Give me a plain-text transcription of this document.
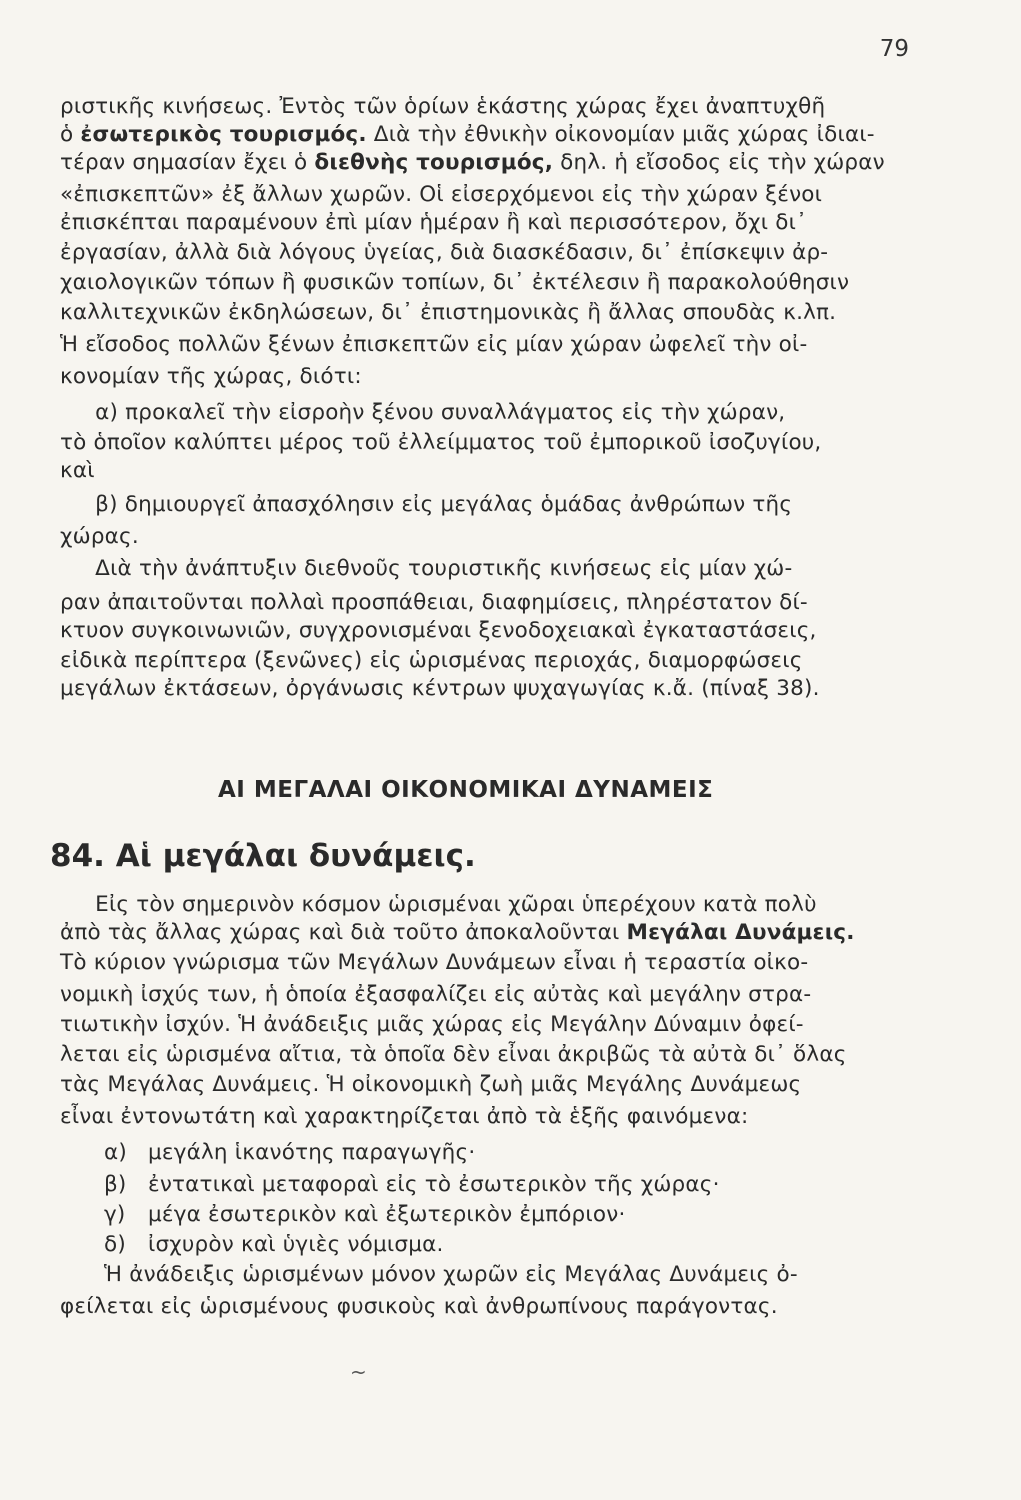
79
ριστικῆς κινήσεως. Ἐντὸς τῶν ὁρίων ἑκάστης χώρας ἔχει ἀναπτυχθῆ
ὁ ἐσωτερικὸς τουρισμός. Διὰ τὴν ἐθνικὴν οἰκονομίαν μιᾶς χώρας ἰδιαι-
τέραν σημασίαν ἔχει ὁ διεθνὴς τουρισμός, δηλ. ἡ εἴσοδος εἰς τὴν χώραν
«ἐπισκεπτῶν» ἐξ ἄλλων χωρῶν. Οἱ εἰσερχόμενοι εἰς τὴν χώραν ξένοι
ἐπισκέπται παραμένουν ἐπὶ μίαν ἡμέραν ἢ καὶ περισσότερον, ὄχι δι᾽
ἐργασίαν, ἀλλὰ διὰ λόγους ὑγείας, διὰ διασκέδασιν, δι᾽ ἐπίσκεψιν ἀρ-
χαιολογικῶν τόπων ἢ φυσικῶν τοπίων, δι᾽ ἐκτέλεσιν ἢ παρακολούθησιν
καλλιτεχνικῶν ἐκδηλώσεων, δι᾽ ἐπιστημονικὰς ἢ ἄλλας σπουδὰς κ.λπ.
Ἡ εἴσοδος πολλῶν ξένων ἐπισκεπτῶν εἰς μίαν χώραν ὠφελεῖ τὴν οἰ-
κονομίαν τῆς χώρας, διότι:
α) προκαλεῖ τὴν εἰσροὴν ξένου συναλλάγματος εἰς τὴν χώραν,
τὸ ὁποῖον καλύπτει μέρος τοῦ ἐλλείμματος τοῦ ἐμπορικοῦ ἰσοζυγίου,
καὶ
β) δημιουργεῖ ἀπασχόλησιν εἰς μεγάλας ὁμάδας ἀνθρώπων τῆς
χώρας.
Διὰ τὴν ἀνάπτυξιν διεθνοῦς τουριστικῆς κινήσεως εἰς μίαν χώ-
ραν ἀπαιτοῦνται πολλαὶ προσπάθειαι, διαφημίσεις, πληρέστατον δί-
κτυον συγκοινωνιῶν, συγχρονισμέναι ξενοδοχειακαὶ ἐγκαταστάσεις,
εἰδικὰ περίπτερα (ξενῶνες) εἰς ὡρισμένας περιοχάς, διαμορφώσεις
μεγάλων ἐκτάσεων, ὀργάνωσις κέντρων ψυχαγωγίας κ.ἄ. (πίναξ 38).
ΑΙ ΜΕΓΑΛΑΙ ΟΙΚΟΝΟΜΙΚΑΙ ΔΥΝΑΜΕΙΣ
84. Αἱ μεγάλαι δυνάμεις.
Εἰς τὸν σημερινὸν κόσμον ὡρισμέναι χῶραι ὑπερέχουν κατὰ πολὺ
ἀπὸ τὰς ἄλλας χώρας καὶ διὰ τοῦτο ἀποκαλοῦνται Μεγάλαι Δυνάμεις.
Τὸ κύριον γνώρισμα τῶν Μεγάλων Δυνάμεων εἶναι ἡ τεραστία οἰκο-
νομικὴ ἰσχύς των, ἡ ὁποία ἐξασφαλίζει εἰς αὐτὰς καὶ μεγάλην στρα-
τιωτικὴν ἰσχύν. Ἡ ἀνάδειξις μιᾶς χώρας εἰς Μεγάλην Δύναμιν ὀφεί-
λεται εἰς ὡρισμένα αἴτια, τὰ ὁποῖα δὲν εἶναι ἀκριβῶς τὰ αὐτὰ δι᾽ ὅλας
τὰς Μεγάλας Δυνάμεις. Ἡ οἰκονομικὴ ζωὴ μιᾶς Μεγάλης Δυνάμεως
εἶναι ἐντονωτάτη καὶ χαρακτηρίζεται ἀπὸ τὰ ἑξῆς φαινόμενα:
α) μεγάλη ἱκανότης παραγωγῆς·
β) ἐντατικαὶ μεταφοραὶ εἰς τὸ ἐσωτερικὸν τῆς χώρας·
γ) μέγα ἐσωτερικὸν καὶ ἐξωτερικὸν ἐμπόριον·
δ) ἰσχυρὸν καὶ ὑγιὲς νόμισμα.
Ἡ ἀνάδειξις ὡρισμένων μόνον χωρῶν εἰς Μεγάλας Δυνάμεις ὀ-
φείλεται εἰς ὡρισμένους φυσικοὺς καὶ ἀνθρωπίνους παράγοντας.
~
